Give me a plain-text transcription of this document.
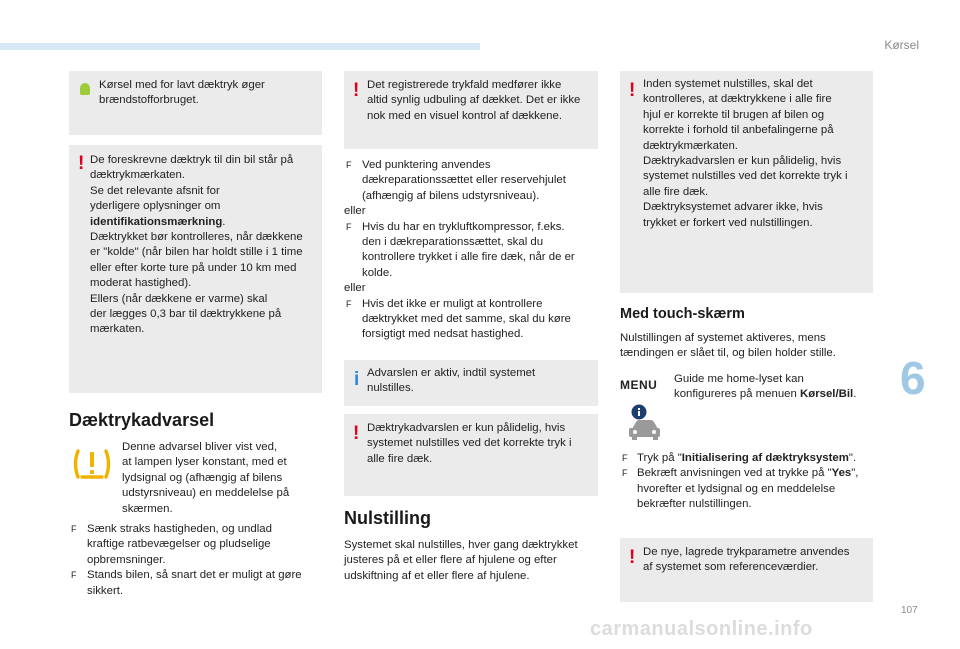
Kørsel
6
107
Kørsel med for lavt dæktryk øger
brændstofforbruget.
! De foreskrevne dæktryk til din bil står på
dæktrykmærkaten.
Se det relevante afsnit for
yderligere oplysninger om
identifikationsmærkning.
Dæktrykket bør kontrolleres, når dækkene
er "kolde" (når bilen har holdt stille i 1 time
eller efter korte ture på under 10 km med
moderat hastighed).
Ellers (når dækkene er varme) skal
der lægges 0,3 bar til dæktrykkene på
mærkaten.
Dæktrykadvarsel
Denne advarsel bliver vist ved,
at lampen lyser konstant, med et
lydsignal og (afhængig af bilens
udstyrsniveau) en meddelelse på
skærmen.
F Sænk straks hastigheden, og undlad
kraftige ratbevægelser og pludselige
opbremsninger.
F Stands bilen, så snart det er muligt at gøre
sikkert.
! Det registrerede trykfald medfører ikke
altid synlig udbuling af dækket. Det er ikke
nok med en visuel kontrol af dækkene.
F Ved punktering anvendes
dækreparationssættet eller reservehjulet
(afhængig af bilens udstyrsniveau).
eller
F Hvis du har en trykluftkompressor, f.eks.
den i dækreparationssættet, skal du
kontrollere trykket i alle fire dæk, når de er
kolde.
eller
F Hvis det ikke er muligt at kontrollere
dæktrykket med det samme, skal du køre
forsigtigt med nedsat hastighed.
i Advarslen er aktiv, indtil systemet
nulstilles.
! Dæktrykadvarslen er kun pålidelig, hvis
systemet nulstilles ved det korrekte tryk i
alle fire dæk.
Nulstilling
Systemet skal nulstilles, hver gang dæktrykket
justeres på et eller flere af hjulene og efter
udskiftning af et eller flere af hjulene.
! Inden systemet nulstilles, skal det
kontrolleres, at dæktrykkene i alle fire
hjul er korrekte til brugen af bilen og
korrekte i forhold til anbefalingerne på
dæktrykmærkaten.
Dæktrykadvarslen er kun pålidelig, hvis
systemet nulstilles ved det korrekte tryk i
alle fire dæk.
Dæktryksystemet advarer ikke, hvis
trykket er forkert ved nulstillingen.
Med touch-skærm
Nulstillingen af systemet aktiveres, mens
tændingen er slået til, og bilen holder stille.
MENU Guide me home-lyset kan
konfigureres på menuen Kørsel/Bil.
F Tryk på "Initialisering af dæktryksystem".
F Bekræft anvisningen ved at trykke på "Yes",
hvorefter et lydsignal og en meddelelse
bekræfter nulstillingen.
! De nye, lagrede trykparametre anvendes
af systemet som referenceværdier.
carmanualsonline.info
